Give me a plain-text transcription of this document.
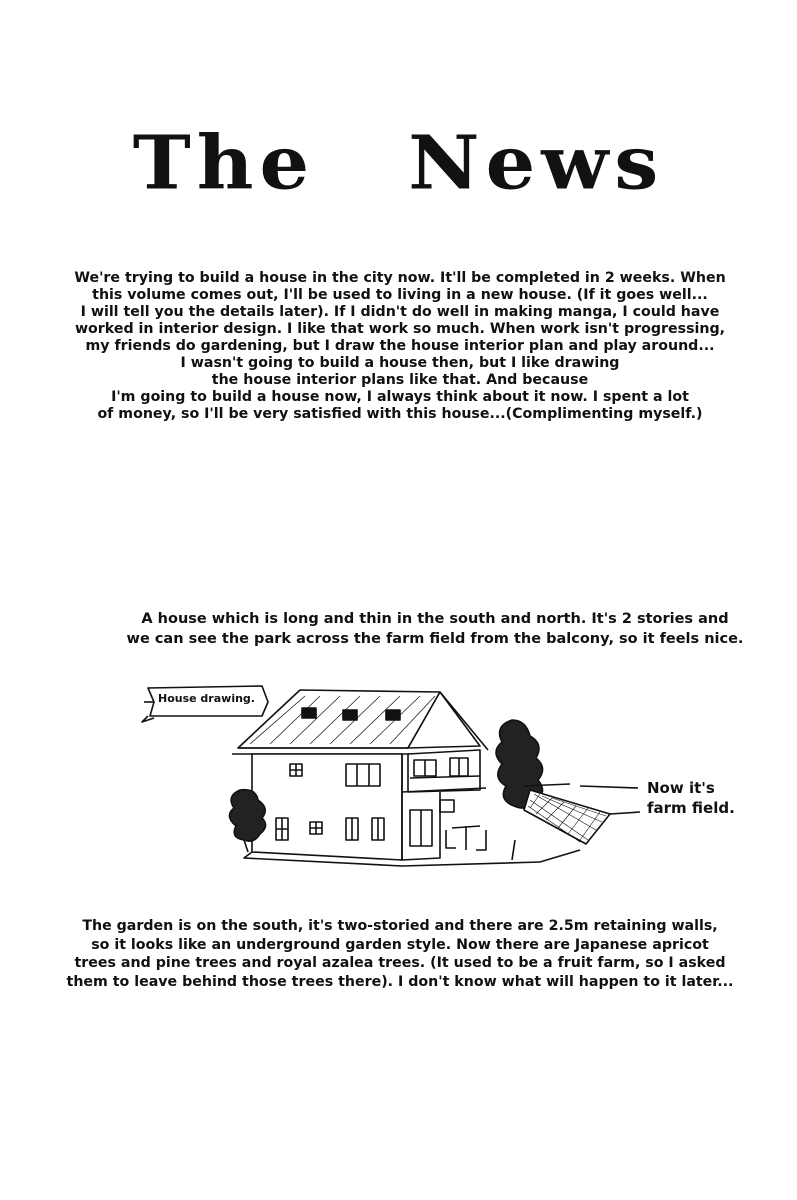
The News
We're trying to build a house in the city now. It'll be completed in 2 weeks. When
this volume comes out, I'll be used to living in a new house. (If it goes well...
I will tell you the details later). If I didn't do well in making manga, I could have
worked in interior design. I like that work so much. When work isn't progressing,
my friends do gardening, but I draw the house interior plan and play around...
I wasn't going to build a house then, but I like drawing
the house interior plans like that. And because
I'm going to build a house now, I always think about it now. I spent a lot
of money, so I'll be very satisfied with this house...(Complimenting myself.)
A house which is long and thin in the south and north. It's 2 stories and
we can see the park across the farm field from the balcony, so it feels nice.
House drawing.
Now it's
farm field.
The garden is on the south, it's two-storied and there are 2.5m retaining walls,
so it looks like an underground garden style. Now there are Japanese apricot
trees and pine trees and royal azalea trees. (It used to be a fruit farm, so I asked
them to leave behind those trees there). I don't know what will happen to it later...
